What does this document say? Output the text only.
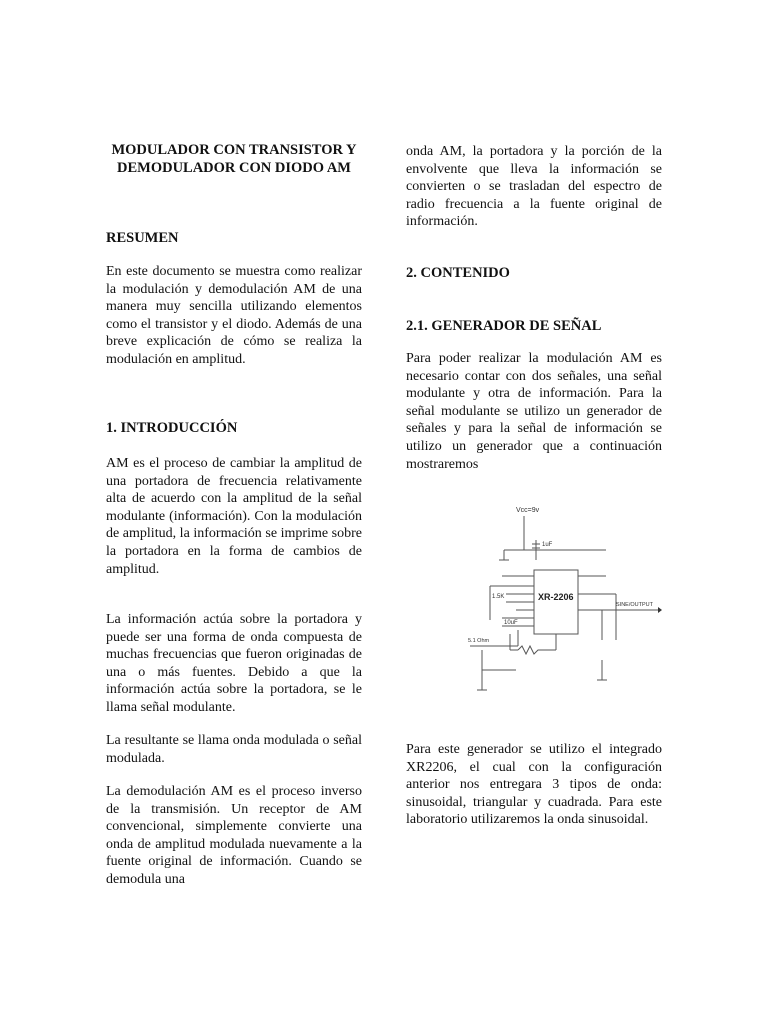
MODULADOR CON TRANSISTOR Y DEMODULADOR CON DIODO AM

RESUMEN

En este documento se muestra como realizar la modulación y demodulación AM de una manera muy sencilla utilizando elementos como el transistor y el diodo. Además de una breve explicación de cómo se realiza la modulación en amplitud.

1. INTRODUCCIÓN

AM es el proceso de cambiar la amplitud de una portadora de frecuencia relativamente alta de acuerdo con la amplitud de la señal modulante (información). Con la modulación de amplitud, la información se imprime sobre la portadora en la forma de cambios de amplitud.

La información actúa sobre la portadora y puede ser una forma de onda compuesta de muchas frecuencias que fueron originadas de una o más fuentes. Debido a que la información actúa sobre la portadora, se le llama señal modulante.

La resultante se llama onda modulada o señal modulada.

La demodulación AM es el proceso inverso de la transmisión. Un receptor de AM convencional, simplemente convierte una onda de amplitud modulada nuevamente a la fuente original de información. Cuando se demodula una

onda AM, la portadora y la porción de la envolvente que lleva la información se convierten o se trasladan del espectro de radio frecuencia a la fuente original de información.

2. CONTENIDO

2.1. GENERADOR DE SEÑAL

Para poder realizar la modulación AM es necesario contar con dos señales, una señal modulante y otra de información. Para la señal modulante se utilizo un generador de señales y para la señal de información se utilizo un generador que a continuación mostraremos

Vcc=9v
1uF
XR-2206
1.5K
10uF
5.1 Ohm
SINE/OUTPUT

Para este generador se utilizo el integrado XR2206, el cual con la configuración anterior nos entregara 3 tipos de onda: sinusoidal, triangular y cuadrada. Para este laboratorio utilizaremos la onda sinusoidal.
